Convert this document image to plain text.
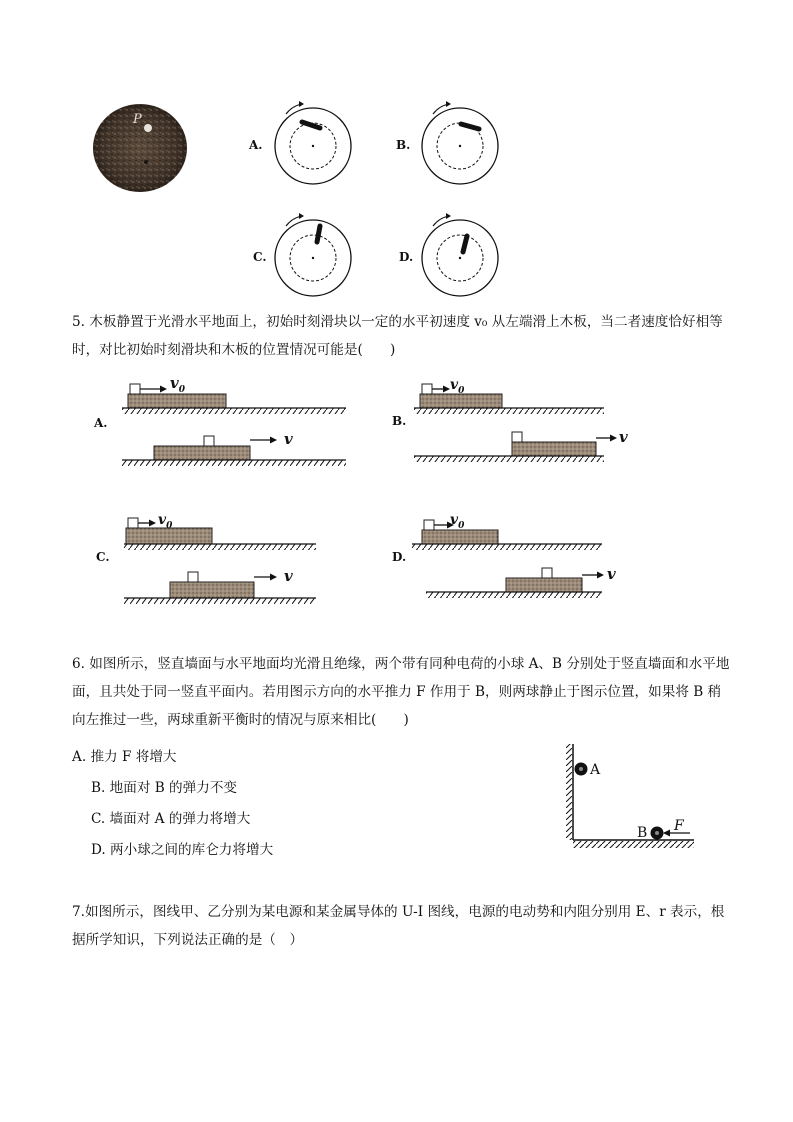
P
A.	B.
C.	D.

5. 木板静置于光滑水平地面上，初始时刻滑块以一定的水平初速度 v₀ 从左端滑上木板，当二者速度恰好相等时，对比初始时刻滑块和木板的位置情况可能是(　　)

A.
$v_0$
v
B.
$v_0$
v
C.
$v_0$
v
D.
$v_0$
v

6. 如图所示，竖直墙面与水平地面均光滑且绝缘，两个带有同种电荷的小球 A、B 分别处于竖直墙面和水平地面，且共处于同一竖直平面内。若用图示方向的水平推力 F 作用于 B，则两球静止于图示位置，如果将 B 稍向左推过一些，两球重新平衡时的情况与原来相比(　　)

A. 推力 F 将增大
B. 地面对 B 的弹力不变
C. 墙面对 A 的弹力将增大
D. 两小球之间的库仑力将增大
A
B F

7.如图所示，图线甲、乙分别为某电源和某金属导体的 U-I 图线，电源的电动势和内阻分别用 E、r 表示，根据所学知识，下列说法正确的是（　）
